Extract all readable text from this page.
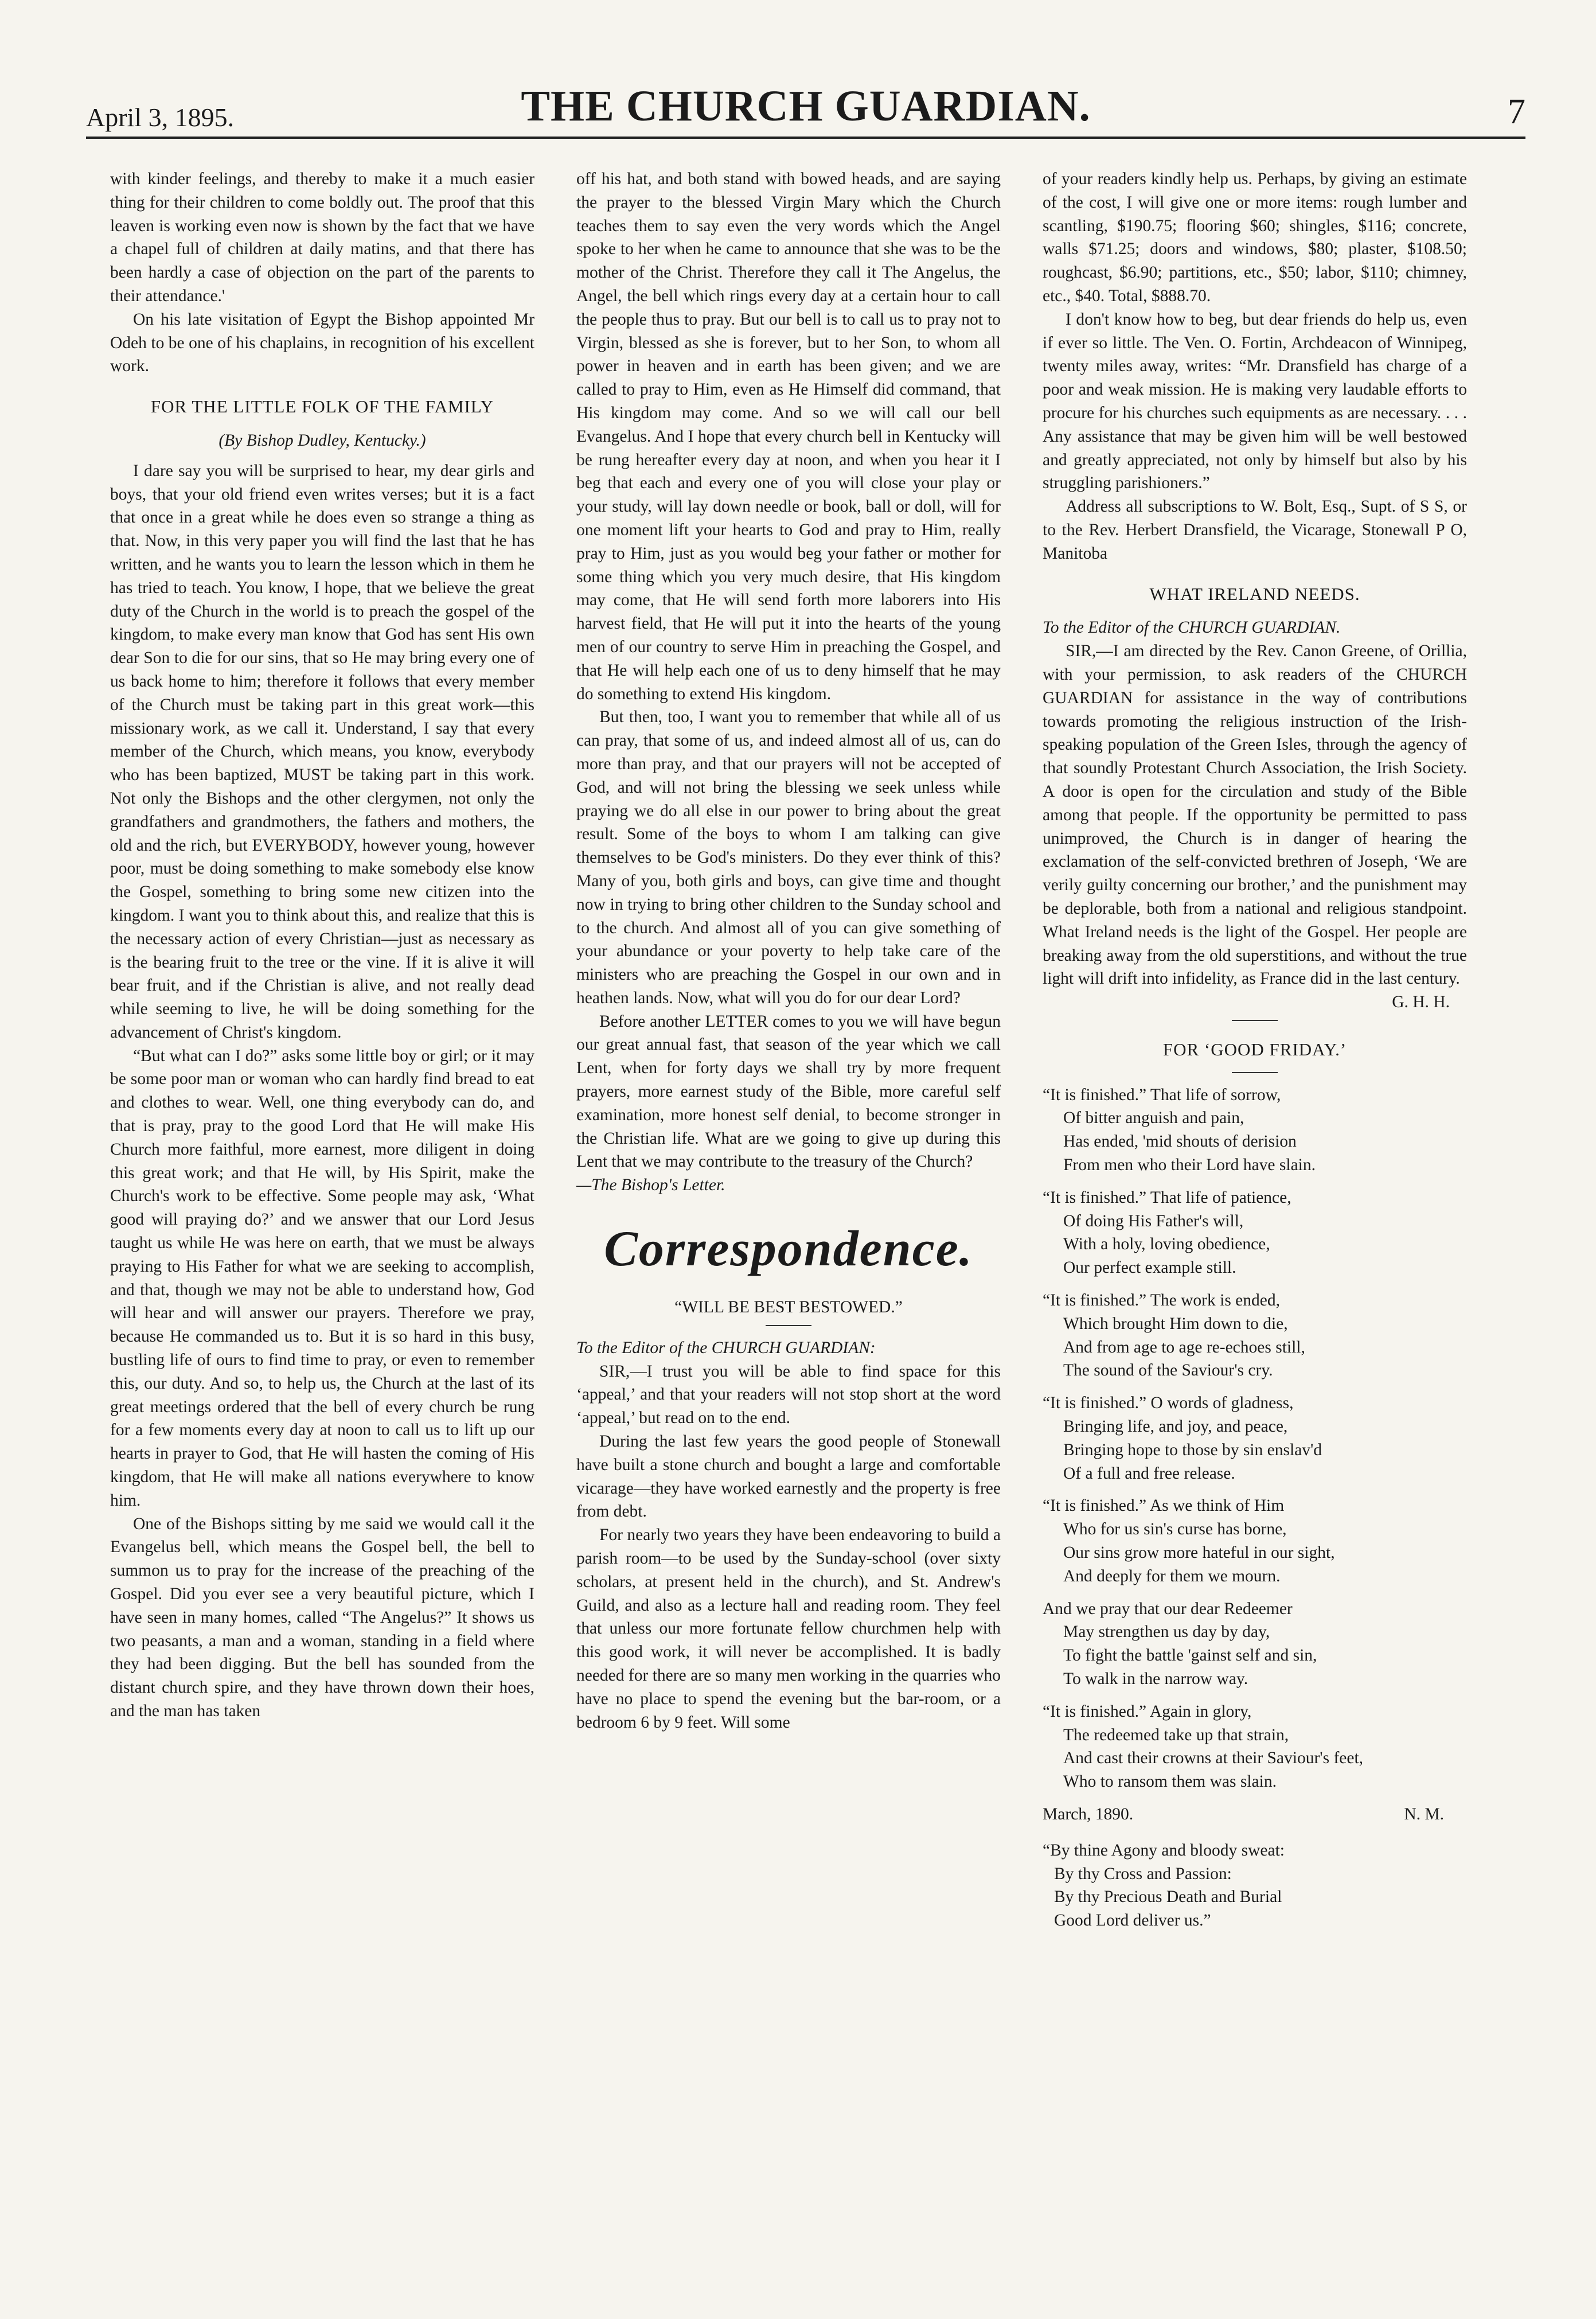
April 3, 1895.	THE CHURCH GUARDIAN.	7

with kinder feelings, and thereby to make it a much easier thing for their children to come boldly out. The proof that this leaven is working even now is shown by the fact that we have a chapel full of children at daily matins, and that there has been hardly a case of objection on the part of the parents to their attendance.'

On his late visitation of Egypt the Bishop appointed Mr Odeh to be one of his chaplains, in recognition of his excellent work.

FOR THE LITTLE FOLK OF THE FAMILY
(By Bishop Dudley, Kentucky.)

I dare say you will be surprised to hear, my dear girls and boys, that your old friend even writes verses; but it is a fact that once in a great while he does even so strange a thing as that. Now, in this very paper you will find the last that he has written, and he wants you to learn the lesson which in them he has tried to teach. You know, I hope, that we believe the great duty of the Church in the world is to preach the gospel of the kingdom, to make every man know that God has sent His own dear Son to die for our sins, that so He may bring every one of us back home to him; therefore it follows that every member of the Church must be taking part in this great work—this missionary work, as we call it. Understand, I say that every member of the Church, which means, you know, everybody who has been baptized, MUST be taking part in this work. Not only the Bishops and the other clergymen, not only the grandfathers and grandmothers, the fathers and mothers, the old and the rich, but EVERYBODY, however young, however poor, must be doing something to make somebody else know the Gospel, something to bring some new citizen into the kingdom. I want you to think about this, and realize that this is the necessary action of every Christian—just as necessary as is the bearing fruit to the tree or the vine. If it is alive it will bear fruit, and if the Christian is alive, and not really dead while seeming to live, he will be doing something for the advancement of Christ's kingdom.

“But what can I do?” asks some little boy or girl; or it may be some poor man or woman who can hardly find bread to eat and clothes to wear. Well, one thing everybody can do, and that is pray, pray to the good Lord that He will make His Church more faithful, more earnest, more diligent in doing this great work; and that He will, by His Spirit, make the Church's work to be effective. Some people may ask, ‘What good will praying do?’ and we answer that our Lord Jesus taught us while He was here on earth, that we must be always praying to His Father for what we are seeking to accomplish, and that, though we may not be able to understand how, God will hear and will answer our prayers. Therefore we pray, because He commanded us to. But it is so hard in this busy, bustling life of ours to find time to pray, or even to remember this, our duty. And so, to help us, the Church at the last of its great meetings ordered that the bell of every church be rung for a few moments every day at noon to call us to lift up our hearts in prayer to God, that He will hasten the coming of His kingdom, that He will make all nations everywhere to know him.

One of the Bishops sitting by me said we would call it the Evangelus bell, which means the Gospel bell, the bell to summon us to pray for the increase of the preaching of the Gospel. Did you ever see a very beautiful picture, which I have seen in many homes, called “The Angelus?” It shows us two peasants, a man and a woman, standing in a field where they had been digging. But the bell has sounded from the distant church spire, and they have thrown down their hoes, and the man has taken

off his hat, and both stand with bowed heads, and are saying the prayer to the blessed Virgin Mary which the Church teaches them to say even the very words which the Angel spoke to her when he came to announce that she was to be the mother of the Christ. Therefore they call it The Angelus, the Angel, the bell which rings every day at a certain hour to call the people thus to pray. But our bell is to call us to pray not to Virgin, blessed as she is forever, but to her Son, to whom all power in heaven and in earth has been given; and we are called to pray to Him, even as He Himself did command, that His kingdom may come. And so we will call our bell Evangelus. And I hope that every church bell in Kentucky will be rung hereafter every day at noon, and when you hear it I beg that each and every one of you will close your play or your study, will lay down needle or book, ball or doll, will for one moment lift your hearts to God and pray to Him, really pray to Him, just as you would beg your father or mother for some thing which you very much desire, that His kingdom may come, that He will send forth more laborers into His harvest field, that He will put it into the hearts of the young men of our country to serve Him in preaching the Gospel, and that He will help each one of us to deny himself that he may do something to extend His kingdom.

But then, too, I want you to remember that while all of us can pray, that some of us, and indeed almost all of us, can do more than pray, and that our prayers will not be accepted of God, and will not bring the blessing we seek unless while praying we do all else in our power to bring about the great result. Some of the boys to whom I am talking can give themselves to be God's ministers. Do they ever think of this? Many of you, both girls and boys, can give time and thought now in trying to bring other children to the Sunday school and to the church. And almost all of you can give something of your abundance or your poverty to help take care of the ministers who are preaching the Gospel in our own and in heathen lands. Now, what will you do for our dear Lord?

Before another LETTER comes to you we will have begun our great annual fast, that season of the year which we call Lent, when for forty days we shall try by more frequent prayers, more earnest study of the Bible, more careful self examination, more honest self denial, to become stronger in the Christian life. What are we going to give up during this Lent that we may contribute to the treasury of the Church?

—The Bishop's Letter.

Correspondence.
“WILL BE BEST BESTOWED.”

To the Editor of the CHURCH GUARDIAN:

SIR,—I trust you will be able to find space for this ‘appeal,’ and that your readers will not stop short at the word ‘appeal,’ but read on to the end.

During the last few years the good people of Stonewall have built a stone church and bought a large and comfortable vicarage—they have worked earnestly and the property is free from debt.

For nearly two years they have been endeavoring to build a parish room—to be used by the Sunday-school (over sixty scholars, at present held in the church), and St. Andrew's Guild, and also as a lecture hall and reading room. They feel that unless our more fortunate fellow churchmen help with this good work, it will never be accomplished. It is badly needed for there are so many men working in the quarries who have no place to spend the evening but the bar-room, or a bedroom 6 by 9 feet. Will some

of your readers kindly help us. Perhaps, by giving an estimate of the cost, I will give one or more items: rough lumber and scantling, $190.75; flooring $60; shingles, $116; concrete, walls $71.25; doors and windows, $80; plaster, $108.50; roughcast, $6.90; partitions, etc., $50; labor, $110; chimney, etc., $40. Total, $888.70.

I don't know how to beg, but dear friends do help us, even if ever so little. The Ven. O. Fortin, Archdeacon of Winnipeg, twenty miles away, writes: “Mr. Dransfield has charge of a poor and weak mission. He is making very laudable efforts to procure for his churches such equipments as are necessary. . . . Any assistance that may be given him will be well bestowed and greatly appreciated, not only by himself but also by his struggling parishioners.”

Address all subscriptions to W. Bolt, Esq., Supt. of S S, or to the Rev. Herbert Dransfield, the Vicarage, Stonewall P O, Manitoba

WHAT IRELAND NEEDS.

To the Editor of the CHURCH GUARDIAN.

SIR,—I am directed by the Rev. Canon Greene, of Orillia, with your permission, to ask readers of the CHURCH GUARDIAN for assistance in the way of contributions towards promoting the religious instruction of the Irish-speaking population of the Green Isles, through the agency of that soundly Protestant Church Association, the Irish Society. A door is open for the circulation and study of the Bible among that people. If the opportunity be permitted to pass unimproved, the Church is in danger of hearing the exclamation of the self-convicted brethren of Joseph, ‘We are verily guilty concerning our brother,’ and the punishment may be deplorable, both from a national and religious standpoint. What Ireland needs is the light of the Gospel. Her people are breaking away from the old superstitions, and without the true light will drift into infidelity, as France did in the last century.

G. H. H.
FOR ‘GOOD FRIDAY.’
“It is finished.” That life of sorrow,
Of bitter anguish and pain,
Has ended, 'mid shouts of derision
From men who their Lord have slain.
“It is finished.” That life of patience,
Of doing His Father's will,
With a holy, loving obedience,
Our perfect example still.
“It is finished.” The work is ended,
Which brought Him down to die,
And from age to age re-echoes still,
The sound of the Saviour's cry.
“It is finished.” O words of gladness,
Bringing life, and joy, and peace,
Bringing hope to those by sin enslav'd
Of a full and free release.
“It is finished.” As we think of Him
Who for us sin's curse has borne,
Our sins grow more hateful in our sight,
And deeply for them we mourn.
And we pray that our dear Redeemer
May strengthen us day by day,
To fight the battle 'gainst self and sin,
To walk in the narrow way.
“It is finished.” Again in glory,
The redeemed take up that strain,
And cast their crowns at their Saviour's feet,
Who to ransom them was slain.
March, 1890.	N. M.
“By thine Agony and bloody sweat:
By thy Cross and Passion:
By thy Precious Death and Burial
Good Lord deliver us.”
